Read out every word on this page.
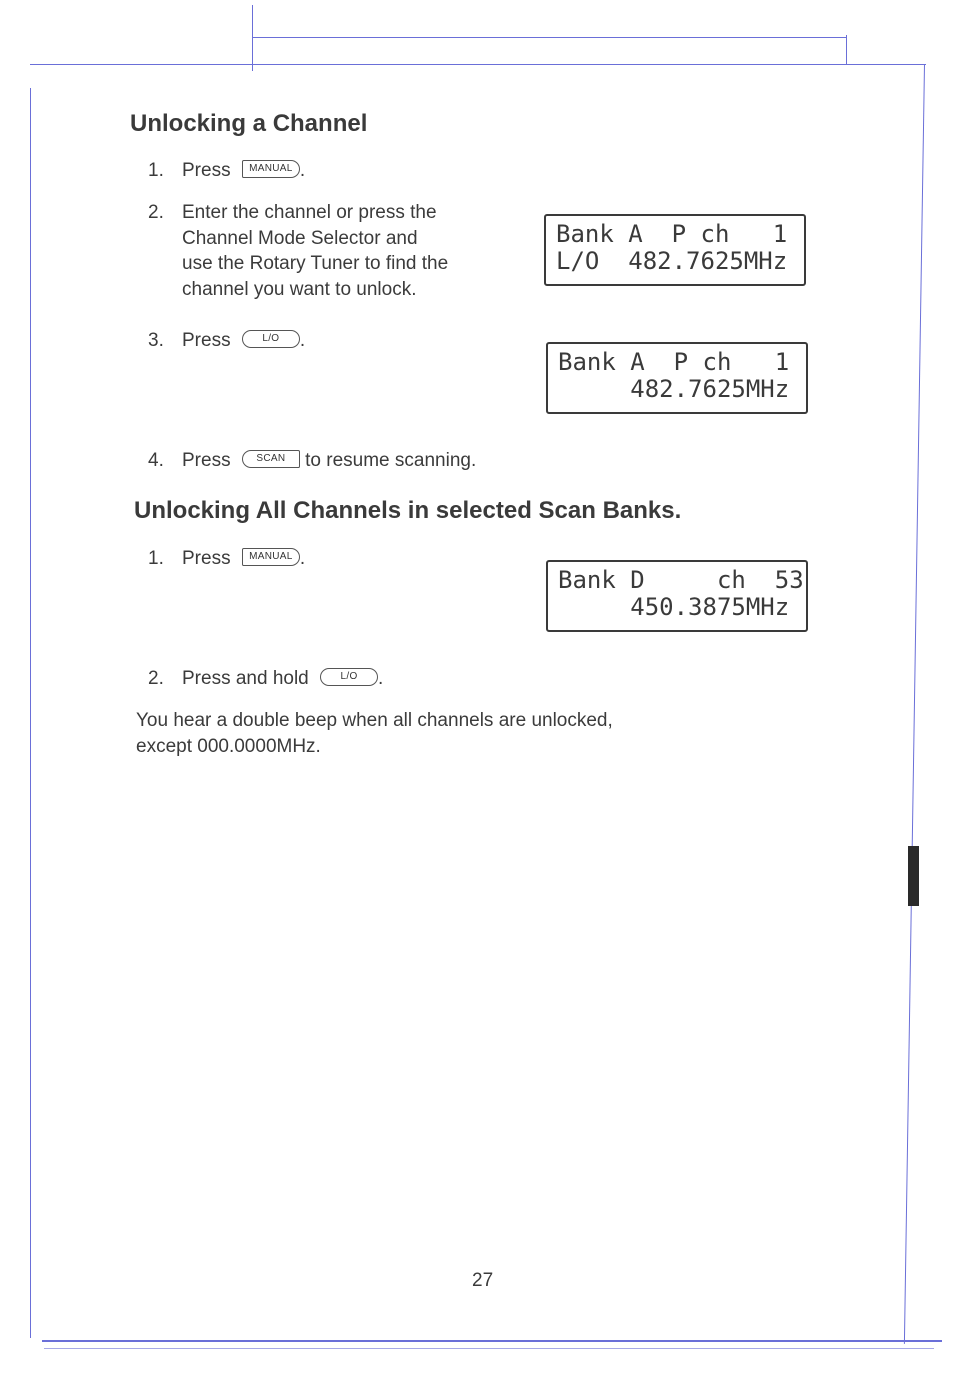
Unlocking a Channel
1. Press MANUAL .
2. Enter the channel or press the
Channel Mode Selector and
use the Rotary Tuner to find the
channel you want to unlock.
Bank A  P ch   1
L/O  482.7625MHz
3. Press	L/O .
Bank A  P ch   1
482.7625MHz
4. Press	SCAN to resume scanning.
Unlocking All Channels in selected Scan Banks.
1. Press MANUAL .
Bank D     ch  53
450.3875MHz
2. Press and hold	L/O .
You hear a double beep when all channels are unlocked,
except 000.0000MHz.
27
